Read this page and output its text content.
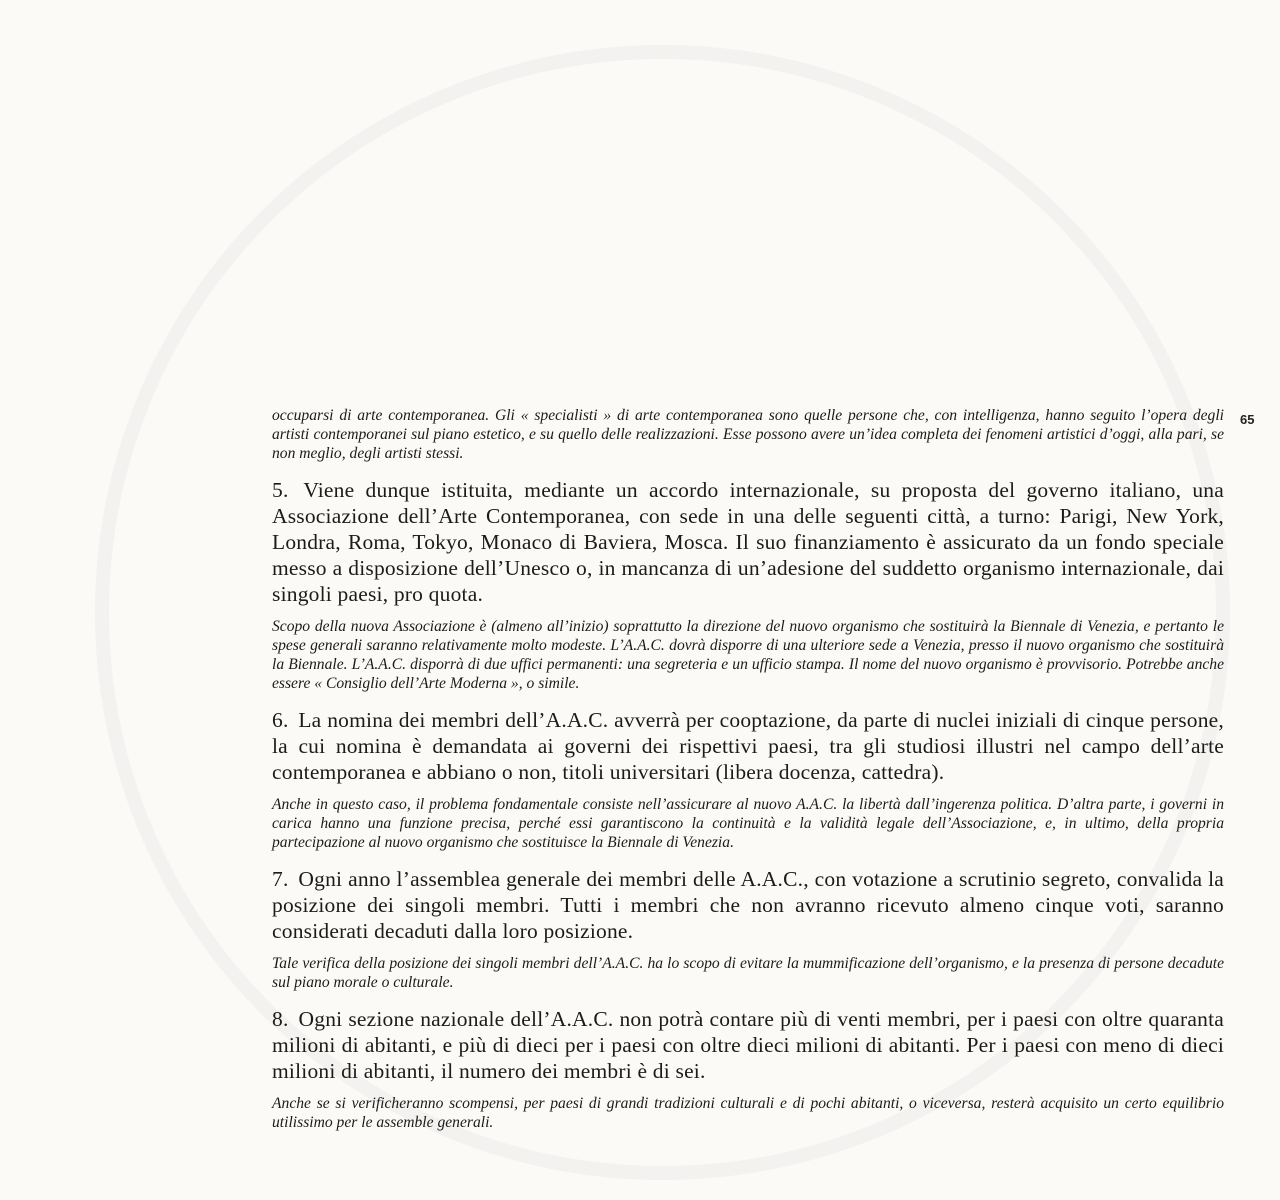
65

occuparsi di arte contemporanea. Gli « specialisti » di arte contemporanea sono quelle persone che, con intelligenza, hanno seguito l’opera degli artisti contemporanei sul piano estetico, e su quello delle realizzazioni. Esse possono avere un’idea completa dei fenomeni artistici d’oggi, alla pari, se non meglio, degli artisti stessi.

5. Viene dunque istituita, mediante un accordo internazionale, su proposta del governo italiano, una Associazione dell’Arte Contemporanea, con sede in una delle seguenti città, a turno: Parigi, New York, Londra, Roma, Tokyo, Monaco di Baviera, Mosca. Il suo finanziamento è assicurato da un fondo speciale messo a disposizione dell’Unesco o, in mancanza di un’adesione del suddetto organismo internazionale, dai singoli paesi, pro quota.

Scopo della nuova Associazione è (almeno all’inizio) soprattutto la direzione del nuovo organismo che sostituirà la Biennale di Venezia, e pertanto le spese generali saranno relativamente molto modeste. L’A.A.C. dovrà disporre di una ulteriore sede a Venezia, presso il nuovo organismo che sostituirà la Biennale. L’A.A.C. disporrà di due uffici permanenti: una segreteria e un ufficio stampa. Il nome del nuovo organismo è provvisorio. Potrebbe anche essere « Consiglio dell’Arte Moderna », o simile.

6. La nomina dei membri dell’A.A.C. avverrà per cooptazione, da parte di nuclei iniziali di cinque persone, la cui nomina è demandata ai governi dei rispettivi paesi, tra gli studiosi illustri nel campo dell’arte contemporanea e abbiano o non, titoli universitari (libera docenza, cattedra).

Anche in questo caso, il problema fondamentale consiste nell’assicurare al nuovo A.A.C. la libertà dall’ingerenza politica. D’altra parte, i governi in carica hanno una funzione precisa, perché essi garantiscono la continuità e la validità legale dell’Associazione, e, in ultimo, della propria partecipazione al nuovo organismo che sostituisce la Biennale di Venezia.

7. Ogni anno l’assemblea generale dei membri delle A.A.C., con votazione a scrutinio segreto, convalida la posizione dei singoli membri. Tutti i membri che non avranno ricevuto almeno cinque voti, saranno considerati decaduti dalla loro posizione.

Tale verifica della posizione dei singoli membri dell’A.A.C. ha lo scopo di evitare la mummificazione dell’organismo, e la presenza di persone decadute sul piano morale o culturale.

8. Ogni sezione nazionale dell’A.A.C. non potrà contare più di venti membri, per i paesi con oltre quaranta milioni di abitanti, e più di dieci per i paesi con oltre dieci milioni di abitanti. Per i paesi con meno di dieci milioni di abitanti, il numero dei membri è di sei.

Anche se si verificheranno scompensi, per paesi di grandi tradizioni culturali e di pochi abitanti, o viceversa, resterà acquisito un certo equilibrio utilissimo per le assemble generali.
